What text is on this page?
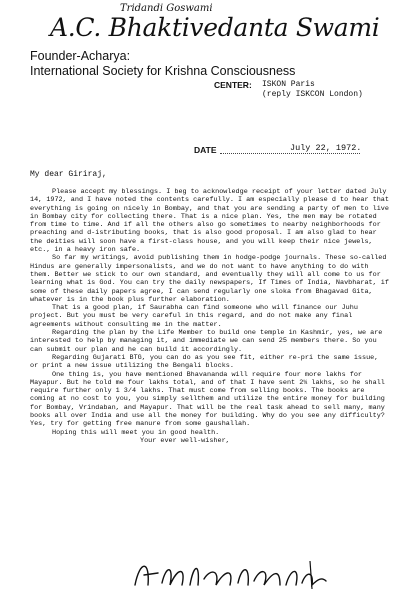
Tridandi Goswami
A.C. Bhaktivedanta Swami
Founder-Acharya:
International Society for Krishna Consciousness
CENTER: ISKON Paris
(reply ISKCON London)
DATE	July 22, 1972.
My dear Giriraj,

Please accept my blessings. I beg to acknowledge receipt of your letter dated July 14, 1972, and I have noted the contents carefully. I am especially please d to hear that everything is going on nicely in Bombay, and that you are sending a party of men to live in Bombay city for collecting there. That is a nice plan. Yes, the men may be rotated from time to time. And if all the others also go sometimes to nearby neighborhoods for preaching and d-istributing books, that is also good proposal. I am also glad to hear the deities will soon have a first-class house, and you will keep their nice jewels, etc., in a heavy iron safe.

So far my writings, avoid publishing them in hodge-podge journals. These so-called Hindus are generally impersonalists, and we do not want to have anything to do with them. Better we stick to our own standard, and eventually they will all come to us for learning what is God. You can try the daily newspapers, If Times of India, Navbharat, if some of these daily papers agree, I can send regularly one sloka from Bhagavad Gita, whatever is in the book plus further elaboration.

That is a good plan, if Saurabha can find someone who will finance our Juhu project. But you must be very careful in this regard, and do not make any final agreements without consulting me in the matter.

Regarding the plan by the Life Member to build one temple in Kashmir, yes, we are interested to help by managing it, and immediate we can send 25 members there. So you can submit our plan and he can build it accordingly.

Regarding Gujarati BTG, you can do as you see fit, either re-pri the same issue, or print a new issue utilizing the Bengali blocks.

One thing is, you have mentioned Bhavananda will require four more lakhs for Mayapur. But he told me four lakhs total, and of that I have sent 2¼ lakhs, so he shall require further only 1 3/4 lakhs. That must come from selling books. The books are coming at no cost to you, you simply sellthem and utilize the entire money for building for Bombay, Vrindaban, and Mayapur. That will be the real task ahead to sell many, many books all over India and use all the money for building. Why do you see any difficulty? Yes, try for getting free manure from some gaushallah.

Hoping this will meet you in good health.

Your ever well-wisher,
